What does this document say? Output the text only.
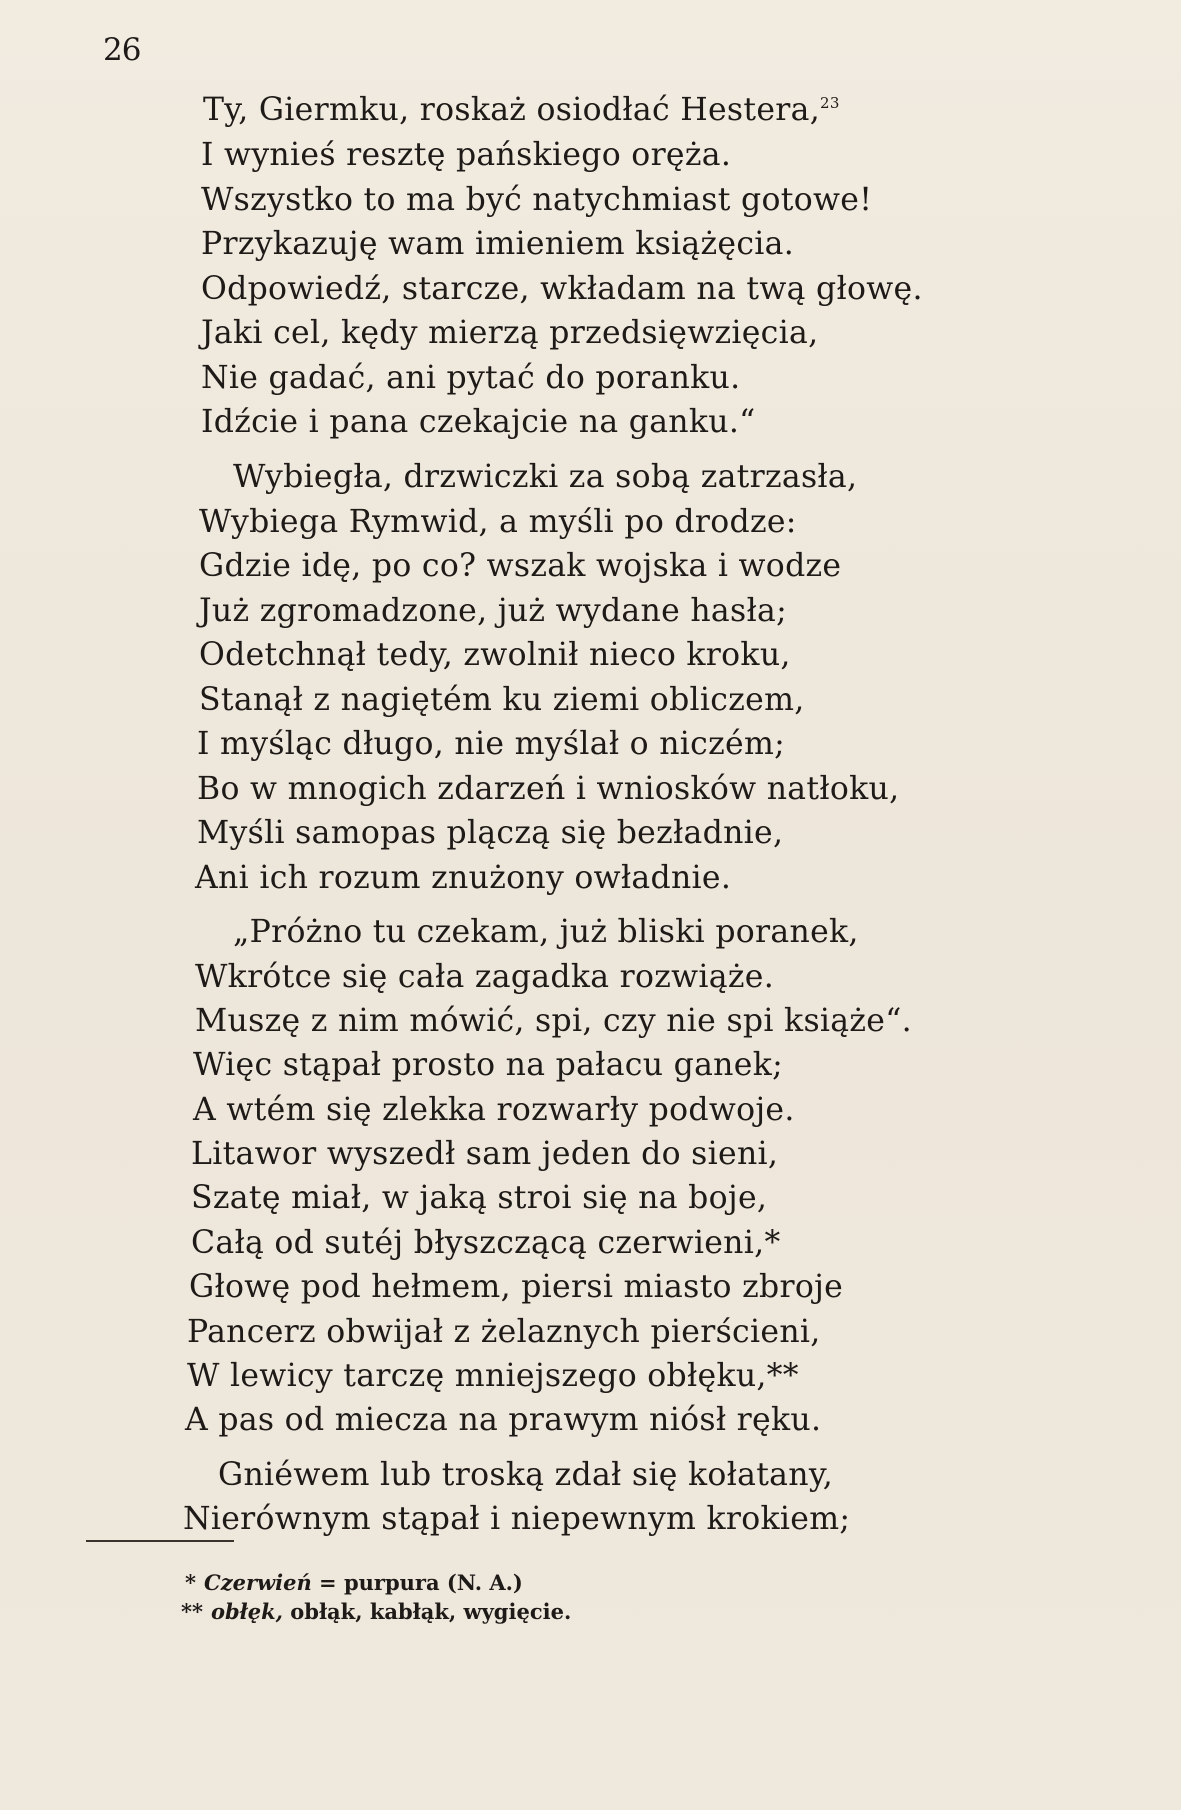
26
Ty, Giermku, roskaż osiodłać Hestera,$^{23}$
I wynieś resztę pańskiego oręża.
Wszystko to ma być natychmiast gotowe!
Przykazuję wam imieniem książęcia.
Odpowiedź, starcze, wkładam na twą głowę.
Jaki cel, kędy mierzą przedsięwzięcia,
Nie gadać, ani pytać do poranku.
Idźcie i pana czekajcie na ganku.“
Wybiegła, drzwiczki za sobą zatrzasła,
Wybiega Rymwid, a myśli po drodze:
Gdzie idę, po co? wszak wojska i wodze
Już zgromadzone, już wydane hasła;
Odetchnął tedy, zwolnił nieco kroku,
Stanął z nagiętém ku ziemi obliczem,
I myśląc długo, nie myślał o niczém;
Bo w mnogich zdarzeń i wniosków natłoku,
Myśli samopas plączą się bezładnie,
Ani ich rozum znużony owładnie.
„Próżno tu czekam, już bliski poranek,
Wkrótce się cała zagadka rozwiąże.
Muszę z nim mówić, spi, czy nie spi książe“.
Więc stąpał prosto na pałacu ganek;
A wtém się zlekka rozwarły podwoje.
Litawor wyszedł sam jeden do sieni,
Szatę miał, w jaką stroi się na boje,
Całą od sutéj błyszczącą czerwieni,*
Głowę pod hełmem, piersi miasto zbroje
Pancerz obwijał z żelaznych pierścieni,
W lewicy tarczę mniejszego obłęku,**
A pas od miecza na prawym niósł ręku.
Gniéwem lub troską zdał się kołatany,
Nierównym stąpał i niepewnym krokiem;
* Czerwień = purpura (N. A.)
** obłęk, obłąk, kabłąk, wygięcie.
